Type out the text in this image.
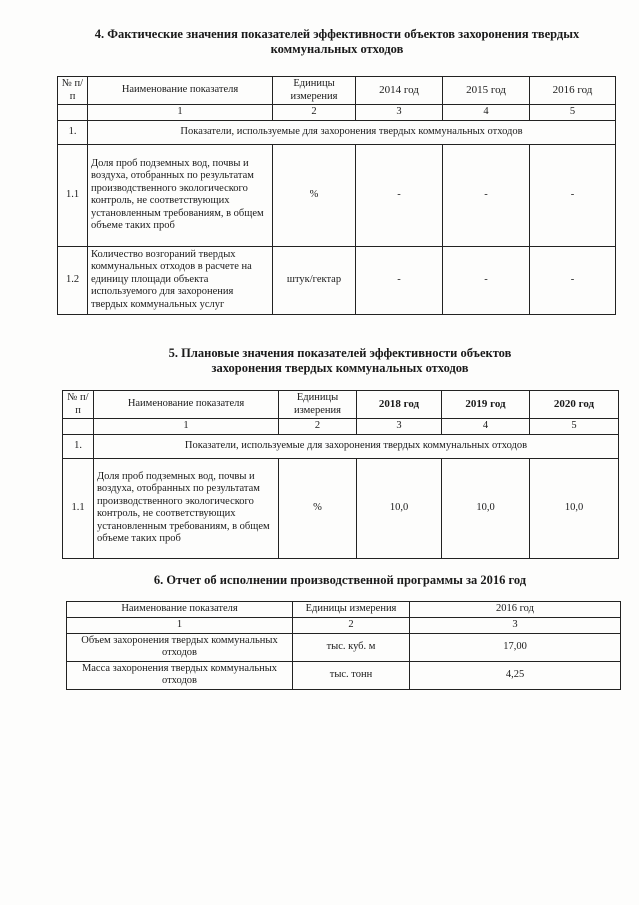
4. Фактические значения показателей эффективности объектов захоронения твердых
коммунальных отходов
№ п/п	Наименование показателя	Единицы измерения	2014 год	2015 год	2016 год
	1	2	3	4	5
1.	Показатели, используемые для захоронения твердых коммунальных отходов				
1.1	Доля проб подземных вод, почвы и воздуха, отобранных по результатам производственного экологического контроль, не соответствующих установленным требованиям, в общем объеме таких проб	%	-	-	-
1.2	Количество возгораний твердых коммунальных отходов в расчете на единицу площади объекта используемого для захоронения твердых коммунальных услуг	штук/гектар	-	-	-
5. Плановые значения показателей эффективности объектов
захоронения твердых коммунальных отходов
№ п/п	Наименование показателя	Единицы измерения	2018 год	2019 год	2020 год
	1	2	3	4	5
1.	Показатели, используемые для захоронения твердых коммунальных отходов				
1.1	Доля проб подземных вод, почвы и воздуха, отобранных по результатам производственного экологического контроль, не соответствующих установленным требованиям, в общем объеме таких проб	%	10,0	10,0	10,0
6. Отчет об исполнении производственной программы за 2016 год
Наименование показателя	Единицы измерения	2016 год
1	2	3
Объем захоронения твердых коммунальных отходов	тыс. куб. м	17,00
Масса захоронения твердых коммунальных отходов	тыс. тонн	4,25
